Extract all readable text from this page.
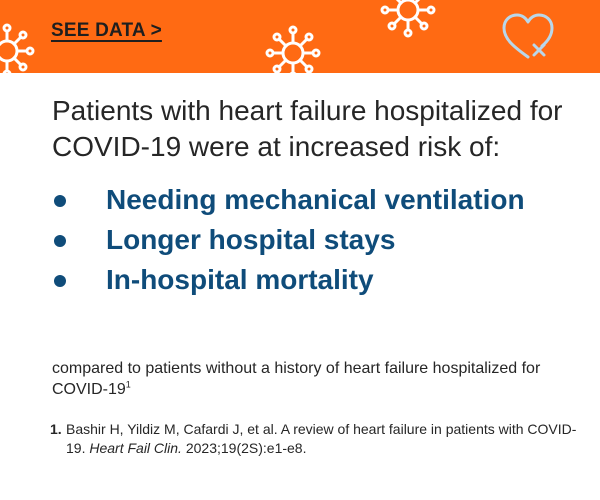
SEE DATA >

Patients with heart failure hospitalized for COVID-19 were at increased risk of:

Needing mechanical ventilation
Longer hospital stays
In-hospital mortality

compared to patients without a history of heart failure hospitalized for COVID-$19^1$

1. Bashir H, Yildiz M, Cafardi J, et al. A review of heart failure in patients with COVID-19. Heart Fail Clin. 2023;19(2S):e1-e8.
